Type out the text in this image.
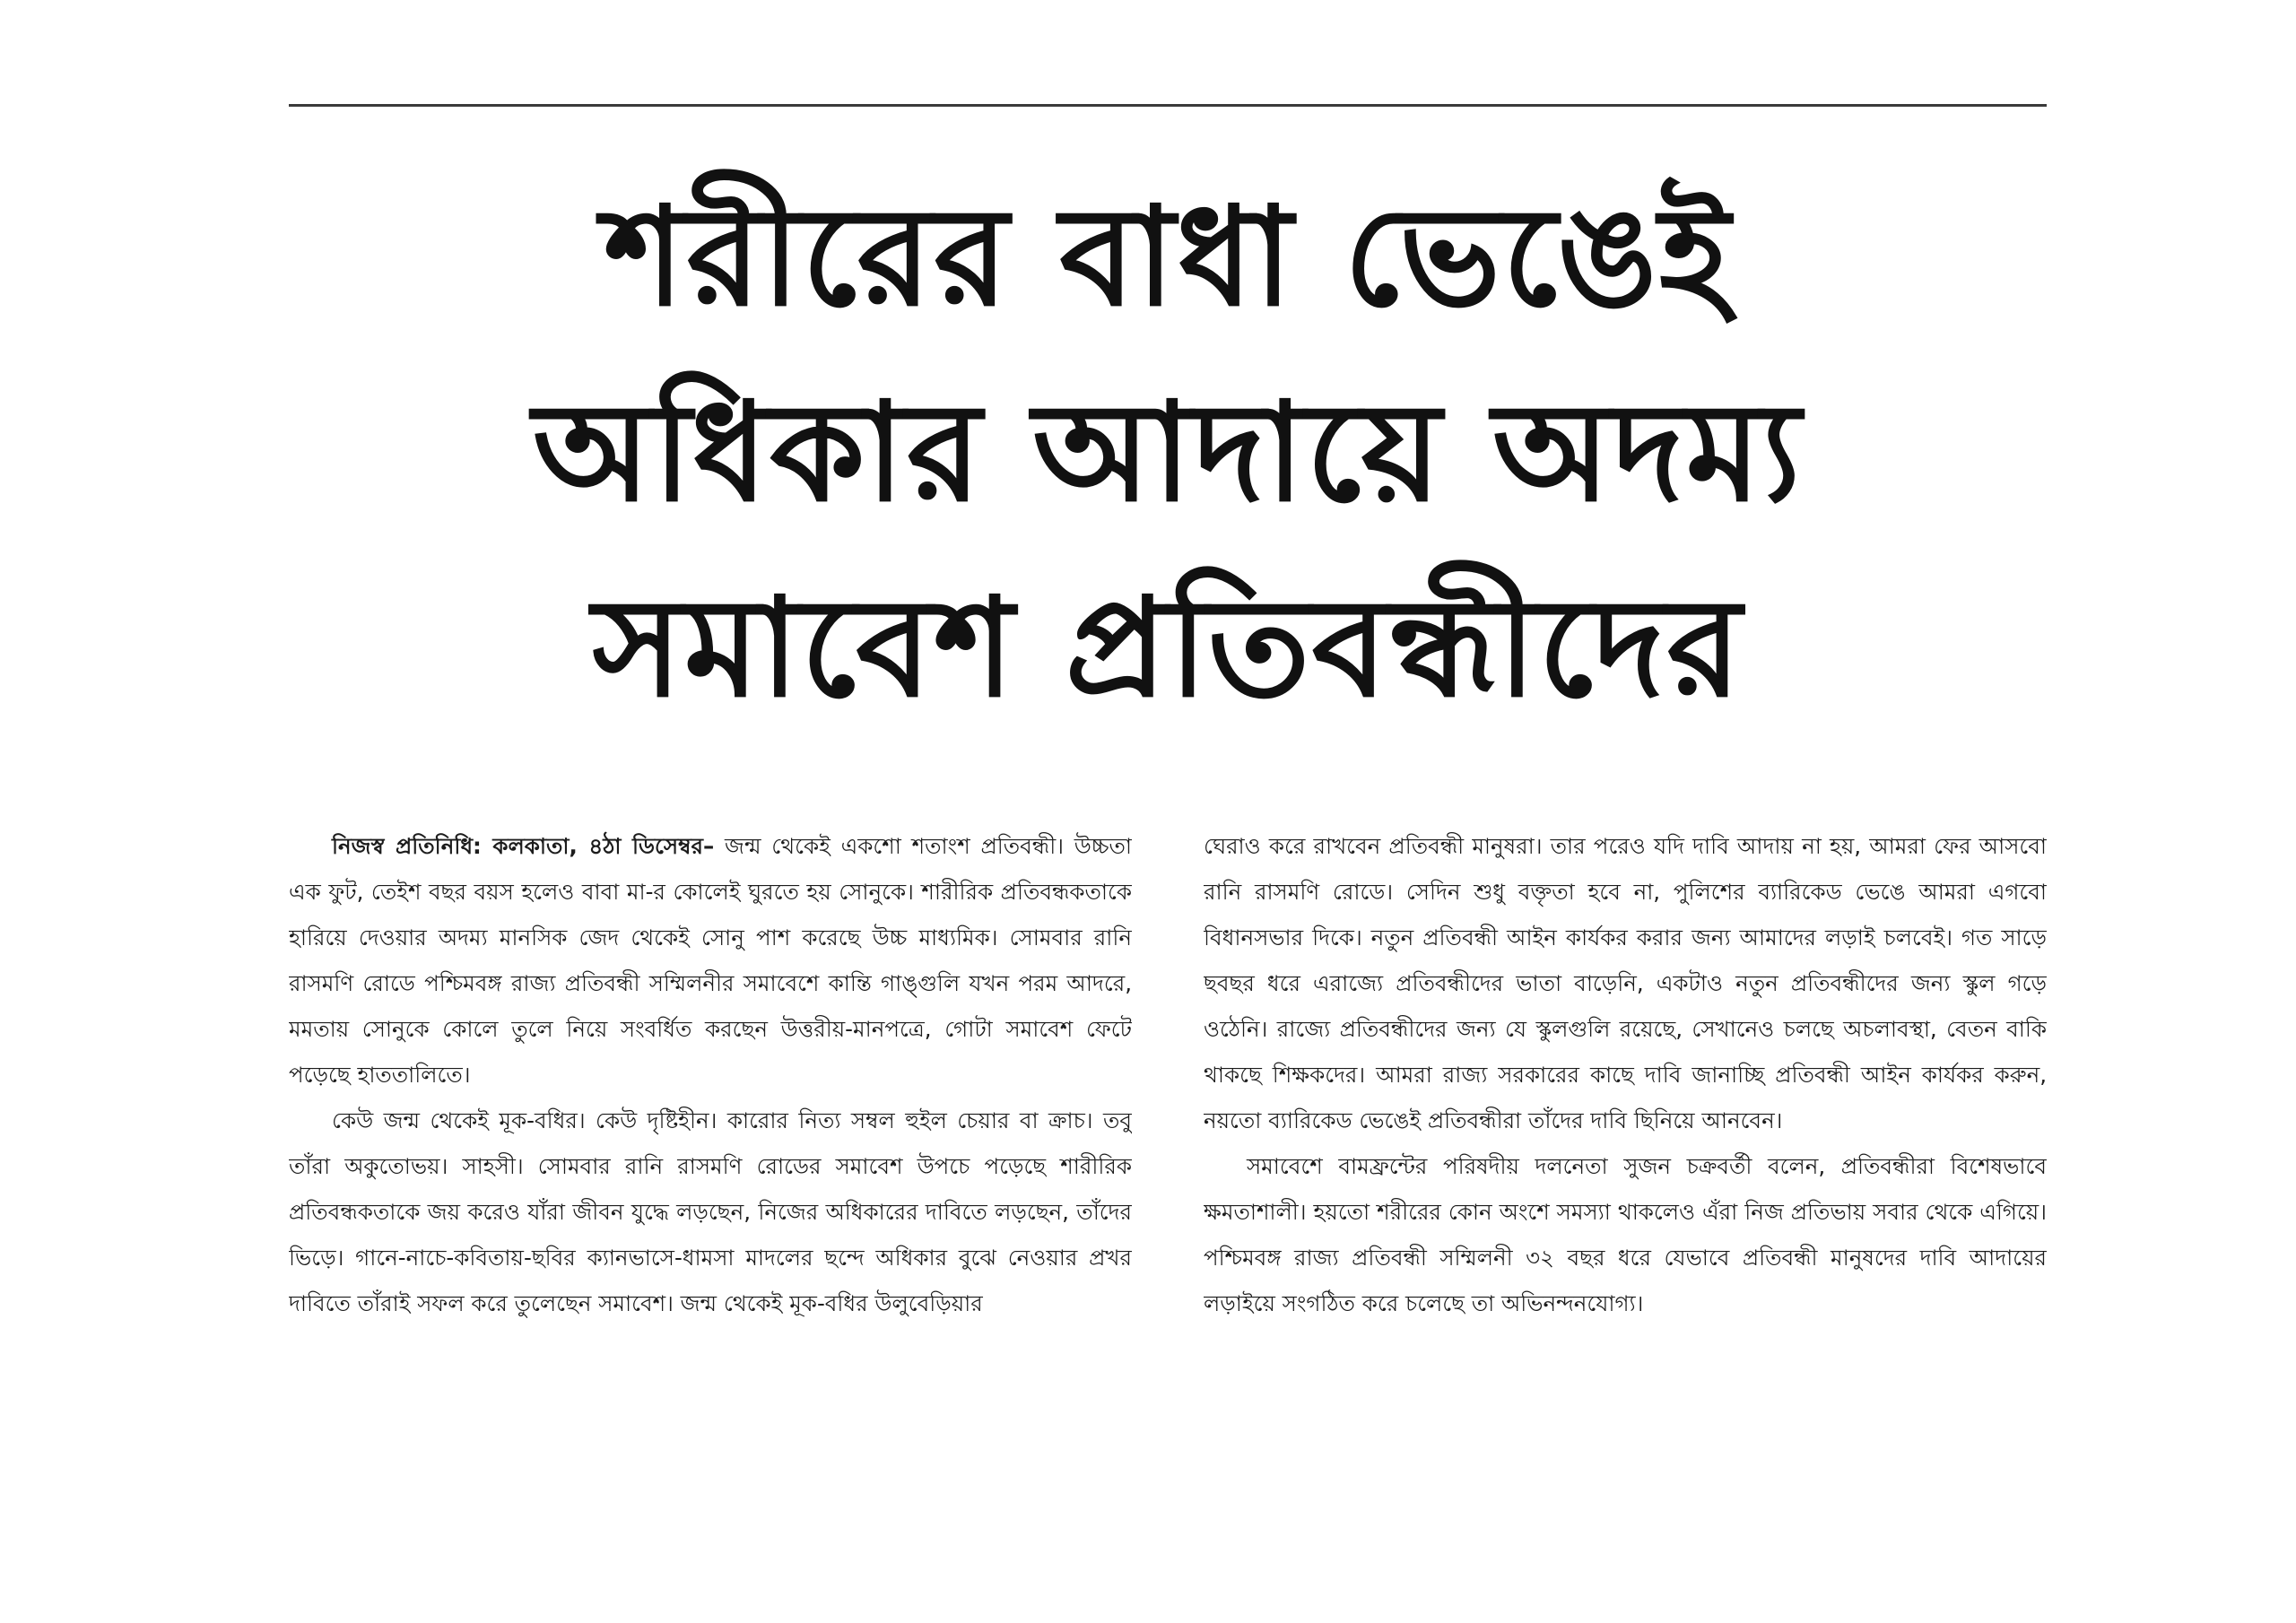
শরীরের বাধা ভেঙেই
অধিকার আদায়ে অদম্য
সমাবেশ প্রতিবন্ধীদের

নিজস্ব প্রতিনিধি: কলকাতা, ৪ঠা ডিসেম্বর– জন্ম থেকেই একশো শতাংশ প্রতিবন্ধী। উচ্চতা এক ফুট, তেইশ বছর বয়স হলেও বাবা মা-র কোলেই ঘুরতে হয় সোনুকে। শারীরিক প্রতিবন্ধকতাকে হারিয়ে দেওয়ার অদম্য মানসিক জেদ থেকেই সোনু পাশ করেছে উচ্চ মাধ্যমিক। সোমবার রানি রাসমণি রোডে পশ্চিমবঙ্গ রাজ্য প্রতিবন্ধী সম্মিলনীর সমাবেশে কান্তি গাঙ্গুলি যখন পরম আদরে, মমতায় সোনুকে কোলে তুলে নিয়ে সংবর্ধিত করছেন উত্তরীয়-মানপত্রে, গোটা সমাবেশ ফেটে পড়েছে হাততালিতে।

কেউ জন্ম থেকেই মূক-বধির। কেউ দৃষ্টিহীন। কারোর নিত্য সম্বল হুইল চেয়ার বা ক্রাচ। তবু তাঁরা অকুতোভয়। সাহসী। সোমবার রানি রাসমণি রোডের সমাবেশ উপচে পড়েছে শারীরিক প্রতিবন্ধকতাকে জয় করেও যাঁরা জীবন যুদ্ধে লড়ছেন, নিজের অধিকারের দাবিতে লড়ছেন, তাঁদের ভিড়ে। গানে-নাচে-কবিতায়-ছবির ক্যানভাসে-ধামসা মাদলের ছন্দে অধিকার বুঝে নেওয়ার প্রখর দাবিতে তাঁরাই সফল করে তুলেছেন সমাবেশ। জন্ম থেকেই মূক-বধির উলুবেড়িয়ার

ঘেরাও করে রাখবেন প্রতিবন্ধী মানুষরা। তার পরেও যদি দাবি আদায় না হয়, আমরা ফের আসবো রানি রাসমণি রোডে। সেদিন শুধু বক্তৃতা হবে না, পুলিশের ব্যারিকেড ভেঙে আমরা এগবো বিধানসভার দিকে। নতুন প্রতিবন্ধী আইন কার্যকর করার জন্য আমাদের লড়াই চলবেই। গত সাড়ে ছবছর ধরে এরাজ্যে প্রতিবন্ধীদের ভাতা বাড়েনি, একটাও নতুন প্রতিবন্ধীদের জন্য স্কুল গড়ে ওঠেনি। রাজ্যে প্রতিবন্ধীদের জন্য যে স্কুলগুলি রয়েছে, সেখানেও চলছে অচলাবস্থা, বেতন বাকি থাকছে শিক্ষকদের। আমরা রাজ্য সরকারের কাছে দাবি জানাচ্ছি প্রতিবন্ধী আইন কার্যকর করুন, নয়তো ব্যারিকেড ভেঙেই প্রতিবন্ধীরা তাঁদের দাবি ছিনিয়ে আনবেন।

সমাবেশে বামফ্রন্টের পরিষদীয় দলনেতা সুজন চক্রবর্তী বলেন, প্রতিবন্ধীরা বিশেষভাবে ক্ষমতাশালী। হয়তো শরীরের কোন অংশে সমস্যা থাকলেও এঁরা নিজ প্রতিভায় সবার থেকে এগিয়ে। পশ্চিমবঙ্গ রাজ্য প্রতিবন্ধী সম্মিলনী ৩২ বছর ধরে যেভাবে প্রতিবন্ধী মানুষদের দাবি আদায়ের লড়াইয়ে সংগঠিত করে চলেছে তা অভিনন্দনযোগ্য।
